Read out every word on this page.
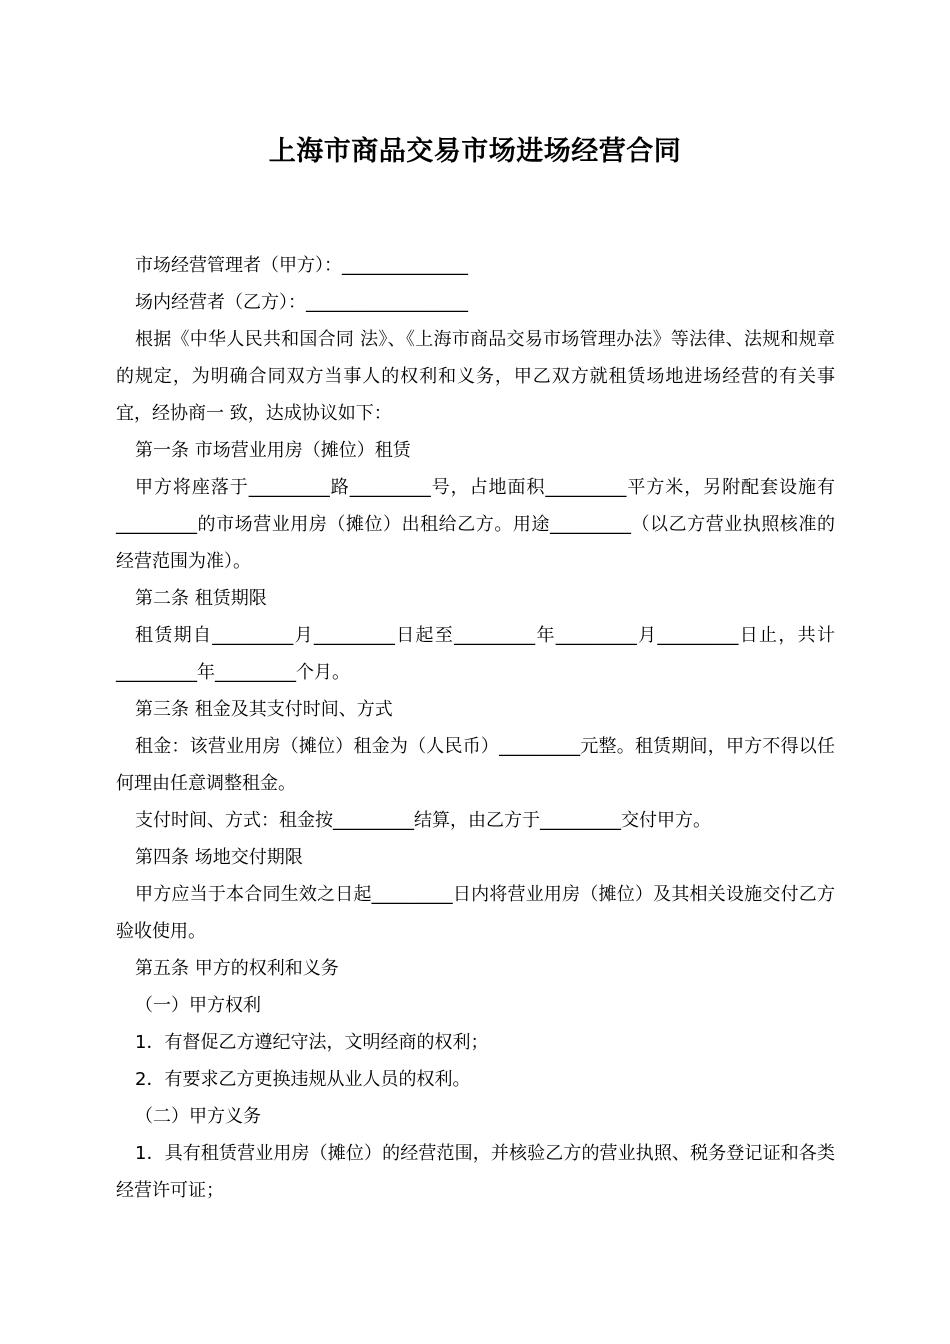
上海市商品交易市场进场经营合同

市场经营管理者（甲方）：______________

场内经营者（乙方）：__________________

根据《中华人民共和国合同 法》、《上海市商品交易市场管理办法》等法律、法规和规章的规定，为明确合同双方当事人的权利和义务，甲乙双方就租赁场地进场经营的有关事宜，经协商一 致，达成协议如下：

第一条 市场营业用房（摊位）租赁

甲方将座落于_________路_________号，占地面积_________平方米，另附配套设施有_________的市场营业用房（摊位）出租给乙方。用途_________（以乙方营业执照核准的经营范围为准）。

第二条 租赁期限

租赁期自_________月_________日起至_________年_________月_________日止，共计_________年_________个月。

第三条 租金及其支付时间、方式

租金：该营业用房（摊位）租金为（人民币）_________元整。租赁期间，甲方不得以任何理由任意调整租金。

支付时间、方式：租金按_________结算，由乙方于_________交付甲方。

第四条 场地交付期限

甲方应当于本合同生效之日起_________日内将营业用房（摊位）及其相关设施交付乙方验收使用。

第五条 甲方的权利和义务

（一）甲方权利

1．有督促乙方遵纪守法，文明经商的权利；

2．有要求乙方更换违规从业人员的权利。

（二）甲方义务

1．具有租赁营业用房（摊位）的经营范围，并核验乙方的营业执照、税务登记证和各类经营许可证；
